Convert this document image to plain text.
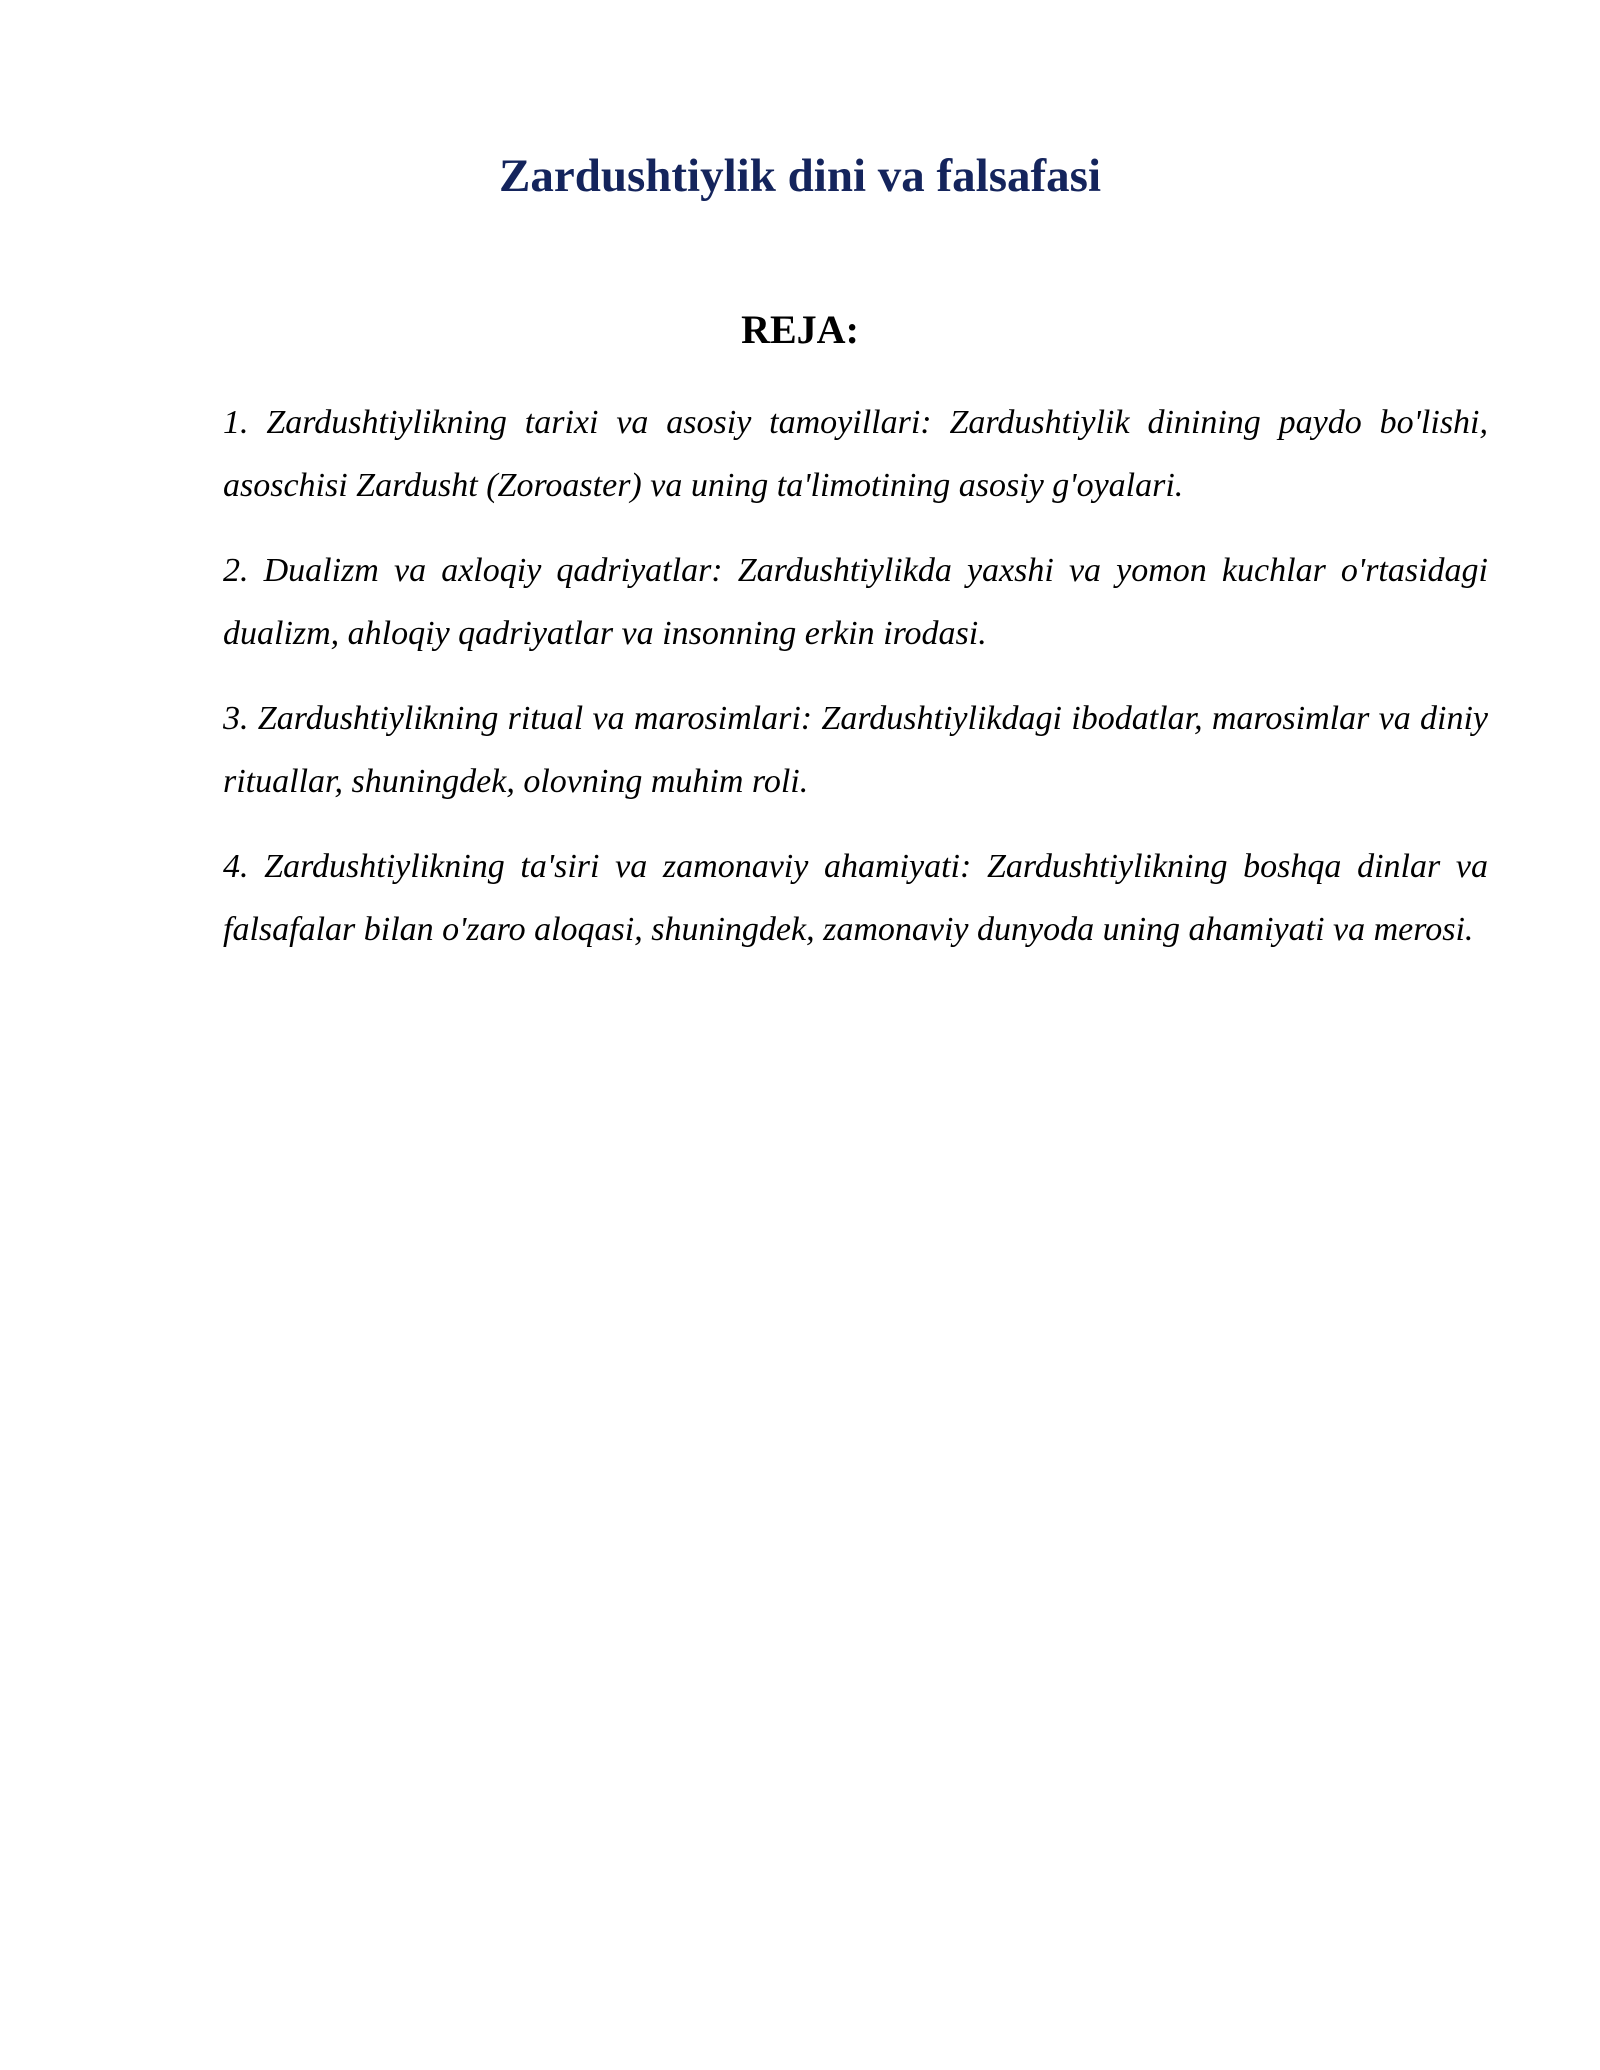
Zardushtiylik dini va falsafasi
REJA:
1. Zardushtiylikning tarixi va asosiy tamoyillari: Zardushtiylik dinining paydo bo'lishi, asoschisi Zardusht (Zoroaster) va uning ta'limotining asosiy g'oyalari.
2. Dualizm va axloqiy qadriyatlar: Zardushtiylikda yaxshi va yomon kuchlar o'rtasidagi dualizm, ahloqiy qadriyatlar va insonning erkin irodasi.
3. Zardushtiylikning ritual va marosimlari: Zardushtiylikdagi ibodatlar, marosimlar va diniy rituallar, shuningdek, olovning muhim roli.
4. Zardushtiylikning ta'siri va zamonaviy ahamiyati: Zardushtiylikning boshqa dinlar va falsafalar bilan o'zaro aloqasi, shuningdek, zamonaviy dunyoda uning ahamiyati va merosi.
